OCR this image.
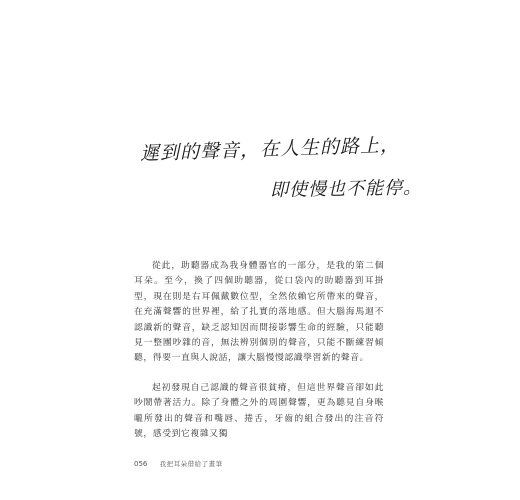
遲到的聲音，在人生的路上，
即使慢也不能停。

從此，助聽器成為我身體器官的一部分，是我的第二個耳朵。至今，換了四個助聽器，從口袋內的助聽器到耳掛型，現在則是右耳佩戴數位型，全然依賴它所帶來的聲音，在充滿聲響的世界裡，給了扎實的落地感。但大腦海馬迴不認識新的聲音，缺乏認知因而間接影響生命的經驗，只能聽見一整團吵雜的音，無法辨別個別的聲音，只能不斷練習傾聽，得要一直與人說話，讓大腦慢慢認識學習新的聲音。

起初發現自己認識的聲音很貧瘠，但這世界聲音卻如此吵鬧帶著活力。除了身體之外的周圍聲響，更為聽見自身喉嚨所發出的聲音和嘴唇、捲舌，牙齒的組合發出的注音符號，感受到它複雜又獨

056 我把耳朵借給了畫筆
